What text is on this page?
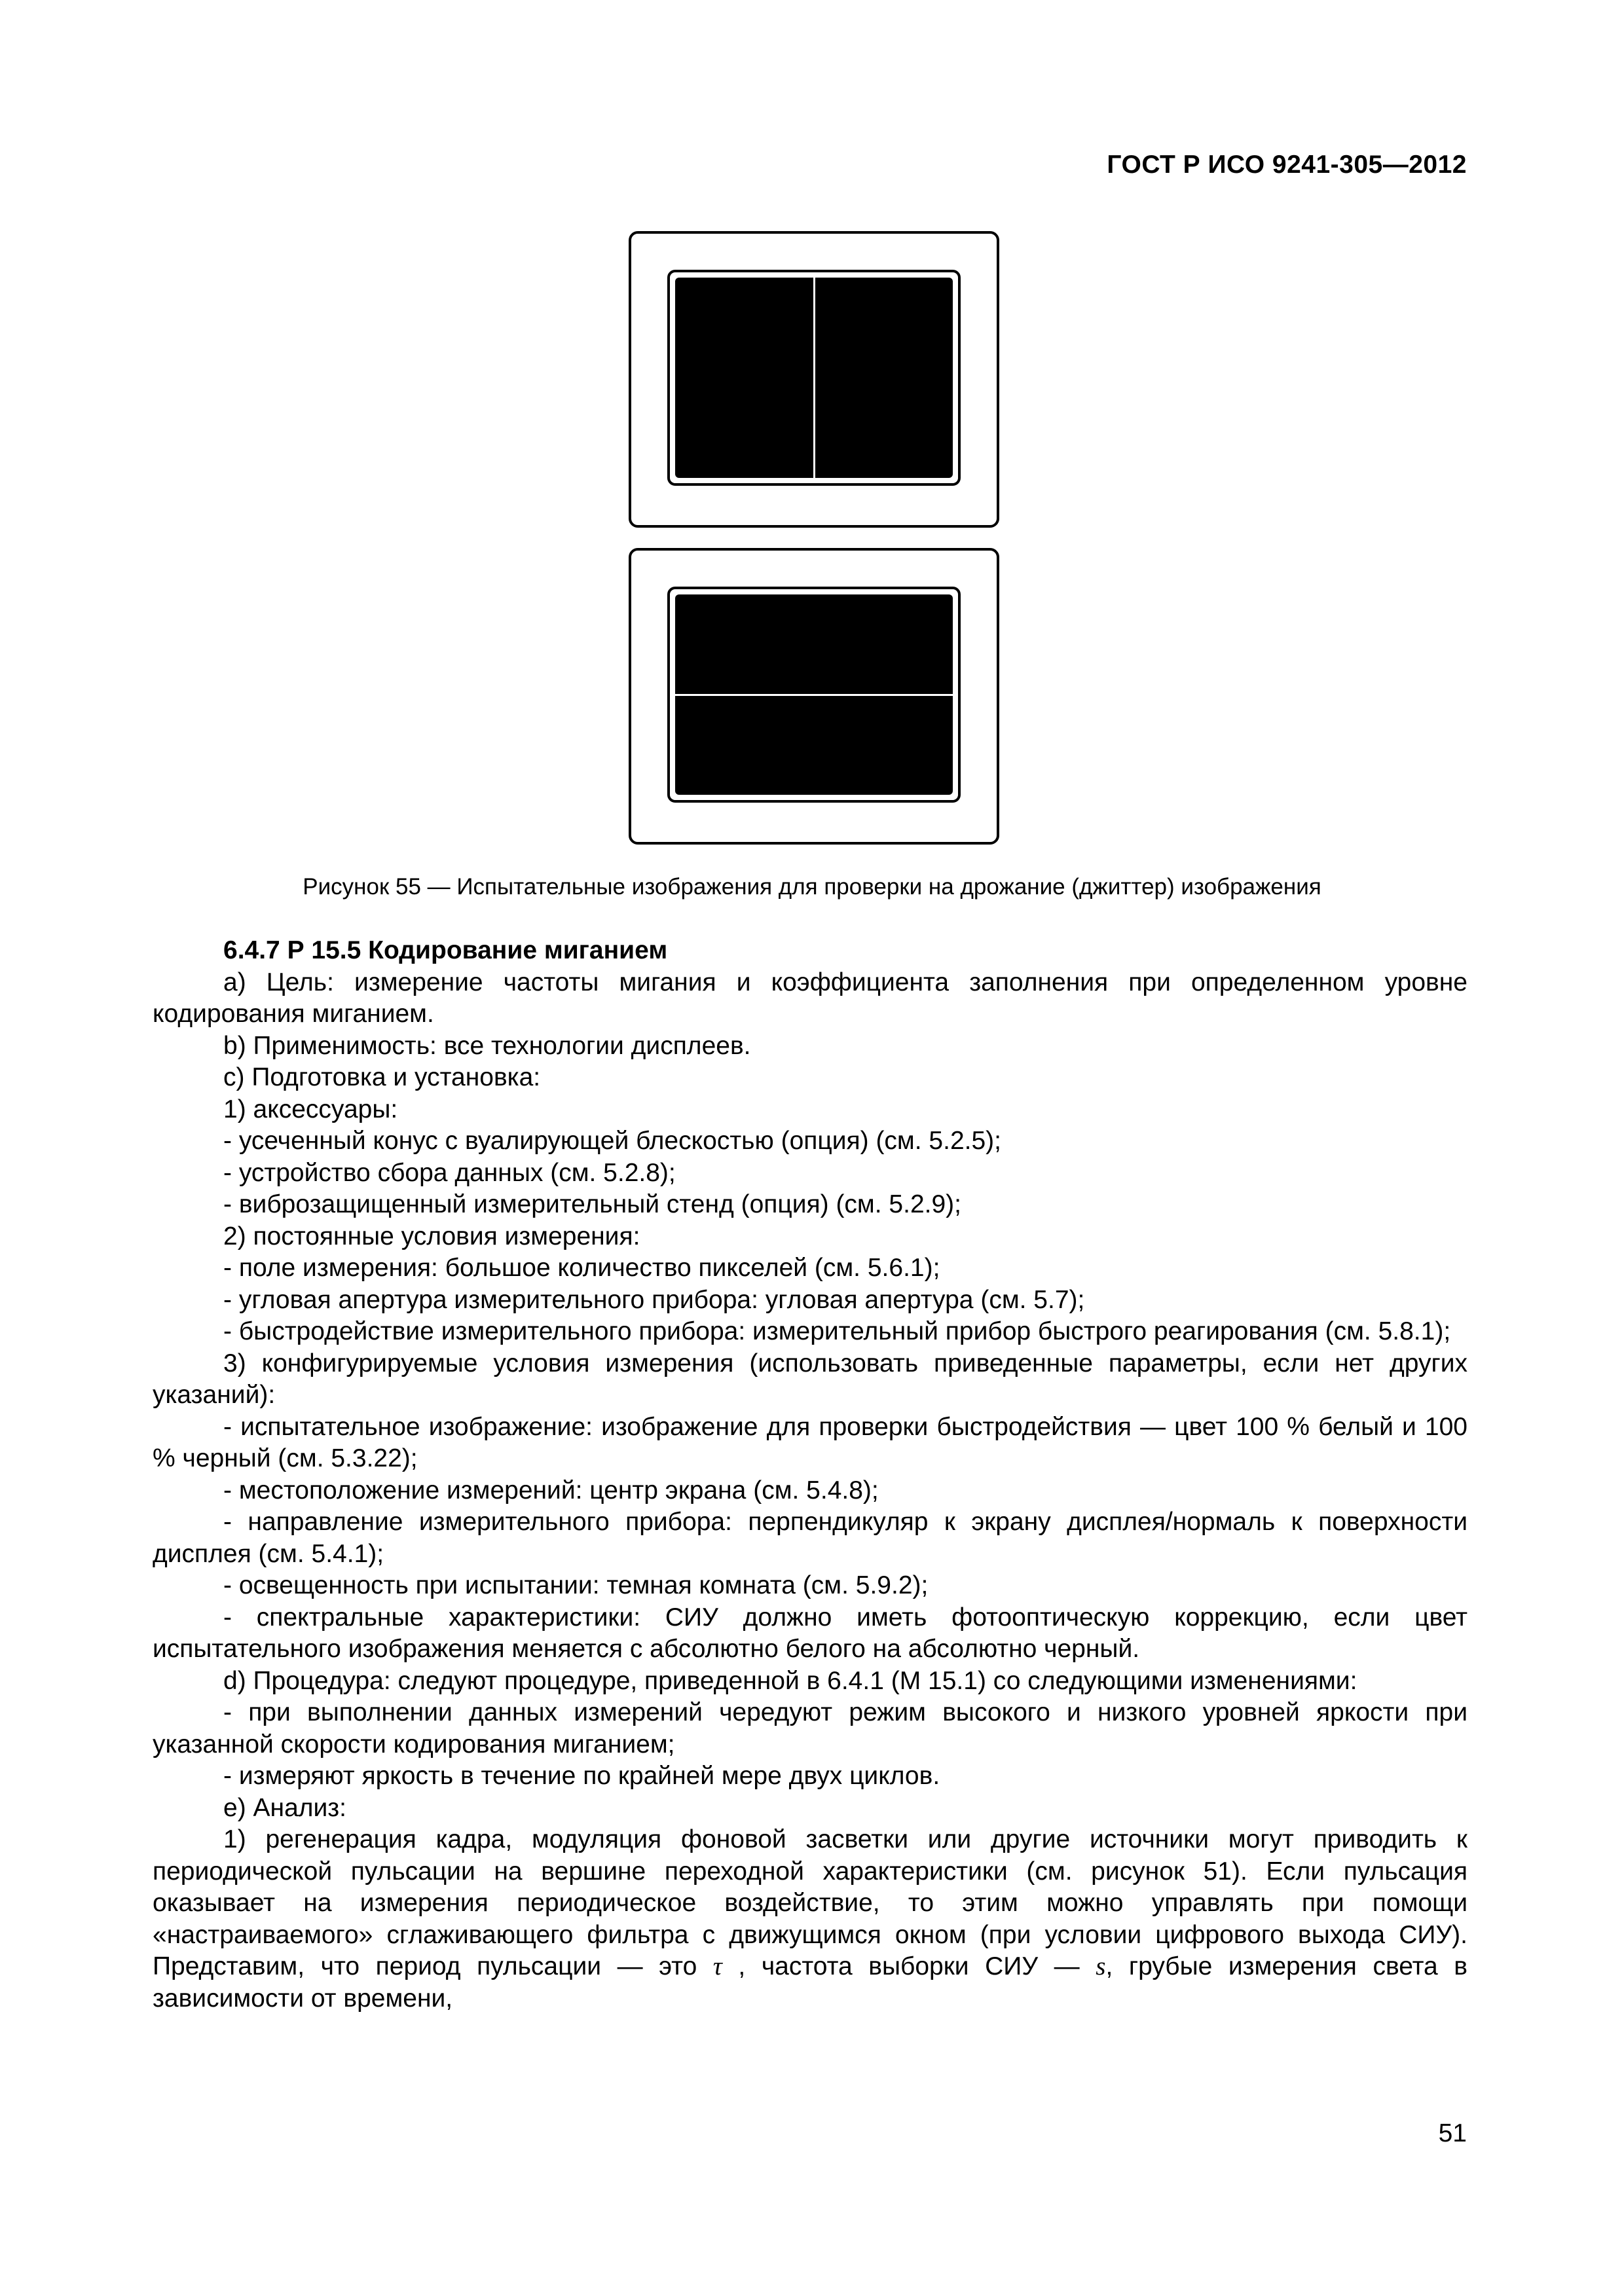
ГОСТ Р ИСО 9241-305—2012
Рисунок 55 — Испытательные изображения для проверки на дрожание (джиттер) изображения

6.4.7 Р 15.5 Кодирование миганием

а) Цель: измерение частоты мигания и коэффициента заполнения при определенном уровне кодирования миганием.

b) Применимость: все технологии дисплеев.

с) Подготовка и установка:

1) аксессуары:

- усеченный конус с вуалирующей блескостью (опция) (см. 5.2.5);

- устройство сбора данных (см. 5.2.8);

- виброзащищенный измерительный стенд (опция) (см. 5.2.9);

2) постоянные условия измерения:

- поле измерения: большое количество пикселей (см. 5.6.1);

- угловая апертура измерительного прибора: угловая апертура (см. 5.7);

- быстродействие измерительного прибора: измерительный прибор быстрого реагирования (см. 5.8.1);

3) конфигурируемые условия измерения (использовать приведенные параметры, если нет других указаний):

- испытательное изображение: изображение для проверки быстродействия — цвет 100 % белый и 100 % черный (см. 5.3.22);

- местоположение измерений: центр экрана (см. 5.4.8);

- направление измерительного прибора: перпендикуляр к экрану дисплея/нормаль к поверхности дисплея (см. 5.4.1);

- освещенность при испытании: темная комната (см. 5.9.2);

- спектральные характеристики: СИУ должно иметь фотооптическую коррекцию, если цвет испытательного изображения меняется с абсолютно белого на абсолютно черный.

d) Процедура: следуют процедуре, приведенной в 6.4.1 (М 15.1) со следующими изменениями:

- при выполнении данных измерений чередуют режим высокого и низкого уровней яркости при указанной скорости кодирования миганием;

- измеряют яркость в течение по крайней мере двух циклов.

е) Анализ:

1) регенерация кадра, модуляция фоновой засветки или другие источники могут приводить к периодической пульсации на вершине переходной характеристики (см. рисунок 51). Если пульсация оказывает на измерения периодическое воздействие, то этим можно управлять при помощи «настраиваемого» сглаживающего фильтра с движущимся окном (при условии цифрового выхода СИУ). Представим, что период пульсации — это τ , частота выборки СИУ — s, грубые измерения света в зависимости от времени,

51
